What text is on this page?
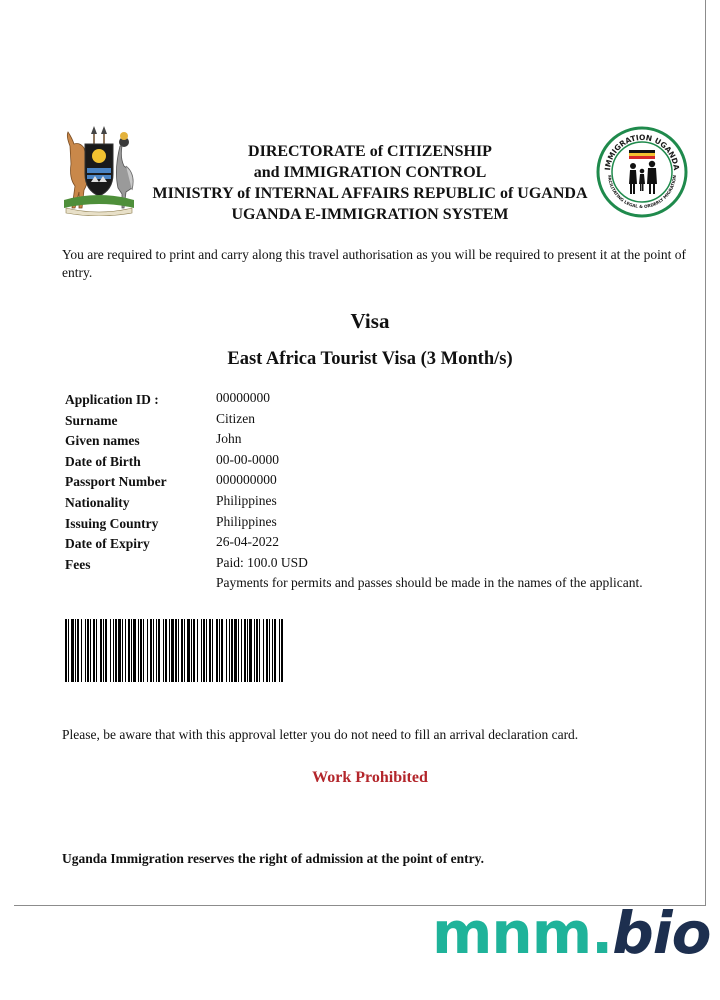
DIRECTORATE of CITIZENSHIP
and IMMIGRATION CONTROL
MINISTRY of INTERNAL AFFAIRS REPUBLIC of UGANDA
UGANDA E-IMMIGRATION SYSTEM
IMMIGRATION UGANDA
FACILITATING LEGAL & ORDERLY MIGRATION
You are required to print and carry along this travel authorisation as you will be required to present it at the point of entry.
Visa
East Africa Tourist Visa (3 Month/s)
Application ID :	00000000
Surname	Citizen
Given names	John
Date of Birth	00-00-0000
Passport Number	000000000
Nationality	Philippines
Issuing Country	Philippines
Date of Expiry	26-04-2022
Fees	Paid: 100.0 USD
Payments for permits and passes should be made in the names of the applicant.
Please, be aware that with this approval letter you do not need to fill an arrival declaration card.
Work Prohibited
Uganda Immigration reserves the right of admission at the point of entry.
mnm.bio
